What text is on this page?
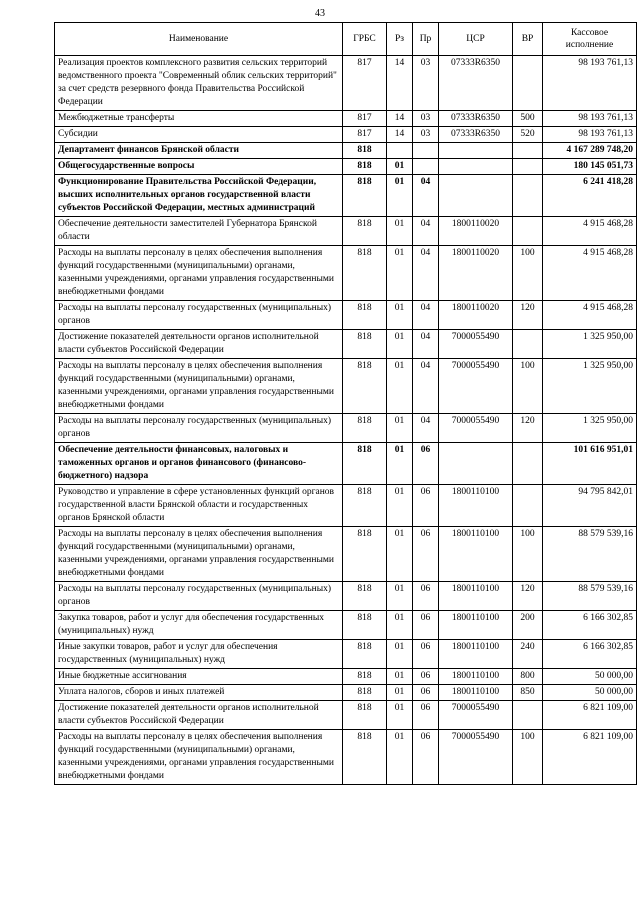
43
Наименование	ГРБС	Рз	Пр	ЦСР	ВР	Кассовое
исполнение

Реализация проектов комплексного развития сельских территорий ведомственного проекта "Современный облик сельских территорий" за счет средств резервного фонда Правительства Российской Федерации	817	14	03	07333R6350		98 193 761,13
Межбюджетные трансферты	817	14	03	07333R6350	500	98 193 761,13
Субсидии	817	14	03	07333R6350	520	98 193 761,13
Департамент финансов Брянской области	818					4 167 289 748,20
Общегосударственные вопросы	818	01				180 145 051,73
Функционирование Правительства Российской Федерации, высших исполнительных органов государственной власти субъектов Российской Федерации, местных администраций	818	01	04			6 241 418,28
Обеспечение деятельности заместителей Губернатора Брянской области	818	01	04	1800110020		4 915 468,28
Расходы на выплаты персоналу в целях обеспечения выполнения функций государственными (муниципальными) органами, казенными учреждениями, органами управления государственными внебюджетными фондами	818	01	04	1800110020	100	4 915 468,28
Расходы на выплаты персоналу государственных (муниципальных) органов	818	01	04	1800110020	120	4 915 468,28
Достижение показателей деятельности органов исполнительной власти субъектов Российской Федерации	818	01	04	7000055490		1 325 950,00
Расходы на выплаты персоналу в целях обеспечения выполнения функций государственными (муниципальными) органами, казенными учреждениями, органами управления государственными внебюджетными фондами	818	01	04	7000055490	100	1 325 950,00
Расходы на выплаты персоналу государственных (муниципальных) органов	818	01	04	7000055490	120	1 325 950,00
Обеспечение деятельности финансовых, налоговых и таможенных органов и органов финансового (финансово-бюджетного) надзора	818	01	06			101 616 951,01
Руководство и управление в сфере установленных функций органов государственной власти Брянской области и государственных органов Брянской области	818	01	06	1800110100		94 795 842,01
Расходы на выплаты персоналу в целях обеспечения выполнения функций государственными (муниципальными) органами, казенными учреждениями, органами управления государственными внебюджетными фондами	818	01	06	1800110100	100	88 579 539,16
Расходы на выплаты персоналу государственных (муниципальных) органов	818	01	06	1800110100	120	88 579 539,16
Закупка товаров, работ и услуг для обеспечения государственных (муниципальных) нужд	818	01	06	1800110100	200	6 166 302,85
Иные закупки товаров, работ и услуг для обеспечения государственных (муниципальных) нужд	818	01	06	1800110100	240	6 166 302,85
Иные бюджетные ассигнования	818	01	06	1800110100	800	50 000,00
Уплата налогов, сборов и иных платежей	818	01	06	1800110100	850	50 000,00
Достижение показателей деятельности органов исполнительной власти субъектов Российской Федерации	818	01	06	7000055490		6 821 109,00
Расходы на выплаты персоналу в целях обеспечения выполнения функций государственными (муниципальными) органами, казенными учреждениями, органами управления государственными внебюджетными фондами	818	01	06	7000055490	100	6 821 109,00
